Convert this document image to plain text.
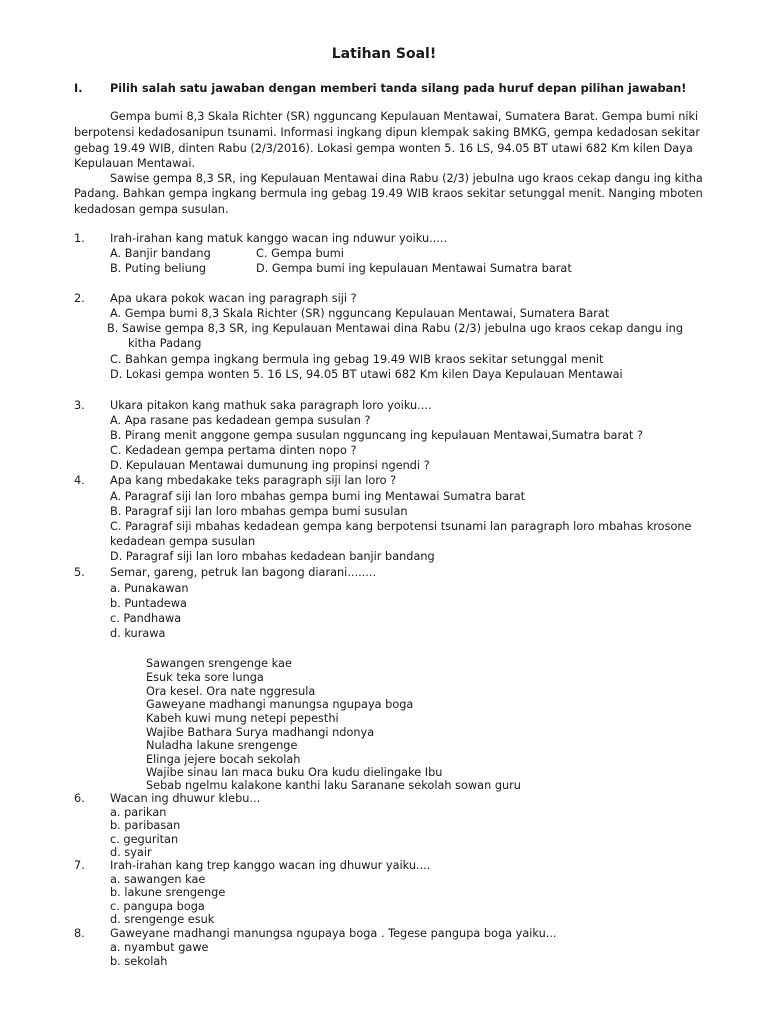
Latihan Soal!
I. Pilih salah satu jawaban dengan memberi tanda silang pada huruf depan pilihan jawaban!
Gempa bumi 8,3 Skala Richter (SR) ngguncang Kepulauan Mentawai, Sumatera Barat. Gempa bumi niki
berpotensi kedadosanipun tsunami. Informasi ingkang dipun klempak saking BMKG, gempa kedadosan sekitar
gebag 19.49 WIB, dinten Rabu (2/3/2016). Lokasi gempa wonten 5. 16 LS, 94.05 BT utawi 682 Km kilen Daya
Kepulauan Mentawai.
Sawise gempa 8,3 SR, ing Kepulauan Mentawai dina Rabu (2/3) jebulna ugo kraos cekap dangu ing kitha
Padang. Bahkan gempa ingkang bermula ing gebag 19.49 WIB kraos sekitar setunggal menit. Nanging mboten
kedadosan gempa susulan.
1. Irah-irahan kang matuk kanggo wacan ing nduwur yoiku.....
A. Banjir bandang	C. Gempa bumi
B. Puting beliung	D. Gempa bumi ing kepulauan Mentawai Sumatra barat
2. Apa ukara pokok wacan ing paragraph siji ?
A. Gempa bumi 8,3 Skala Richter (SR) ngguncang Kepulauan Mentawai, Sumatera Barat
B. Sawise gempa 8,3 SR, ing Kepulauan Mentawai dina Rabu (2/3) jebulna ugo kraos cekap dangu ing
kitha Padang
C. Bahkan gempa ingkang bermula ing gebag 19.49 WIB kraos sekitar setunggal menit
D. Lokasi gempa wonten 5. 16 LS, 94.05 BT utawi 682 Km kilen Daya Kepulauan Mentawai
3. Ukara pitakon kang mathuk saka paragraph loro yoiku....
A. Apa rasane pas kedadean gempa susulan ?
B. Pirang menit anggone gempa susulan ngguncang ing kepulauan Mentawai,Sumatra barat ?
C. Kedadean gempa pertama dinten nopo ?
D. Kepulauan Mentawai dumunung ing propinsi ngendi ?
4. Apa kang mbedakake teks paragraph siji lan loro ?
A. Paragraf siji lan loro mbahas gempa bumi ing Mentawai Sumatra barat
B. Paragraf siji lan loro mbahas gempa bumi susulan
C. Paragraf siji mbahas kedadean gempa kang berpotensi tsunami lan paragraph loro mbahas krosone
kedadean gempa susulan
D. Paragraf siji lan loro mbahas kedadean banjir bandang
5. Semar, gareng, petruk lan bagong diarani........
a. Punakawan
b. Puntadewa
c. Pandhawa
d. kurawa
Sawangen srengenge kae
Esuk teka sore lunga
Ora kesel. Ora nate nggresula
Gaweyane madhangi manungsa ngupaya boga
Kabeh kuwi mung netepi pepesthi
Wajibe Bathara Surya madhangi ndonya
Nuladha lakune srengenge
Elinga jejere bocah sekolah
Wajibe sinau lan maca buku Ora kudu dielingake Ibu
Sebab ngelmu kalakone kanthi laku Saranane sekolah sowan guru
6. Wacan ing dhuwur klebu...
a. parikan
b. paribasan
c. geguritan
d. syair
7. Irah-irahan kang trep kanggo wacan ing dhuwur yaiku....
a. sawangen kae
b. lakune srengenge
c. pangupa boga
d. srengenge esuk
8. Gaweyane madhangi manungsa ngupaya boga . Tegese pangupa boga yaiku...
a. nyambut gawe
b. sekolah
